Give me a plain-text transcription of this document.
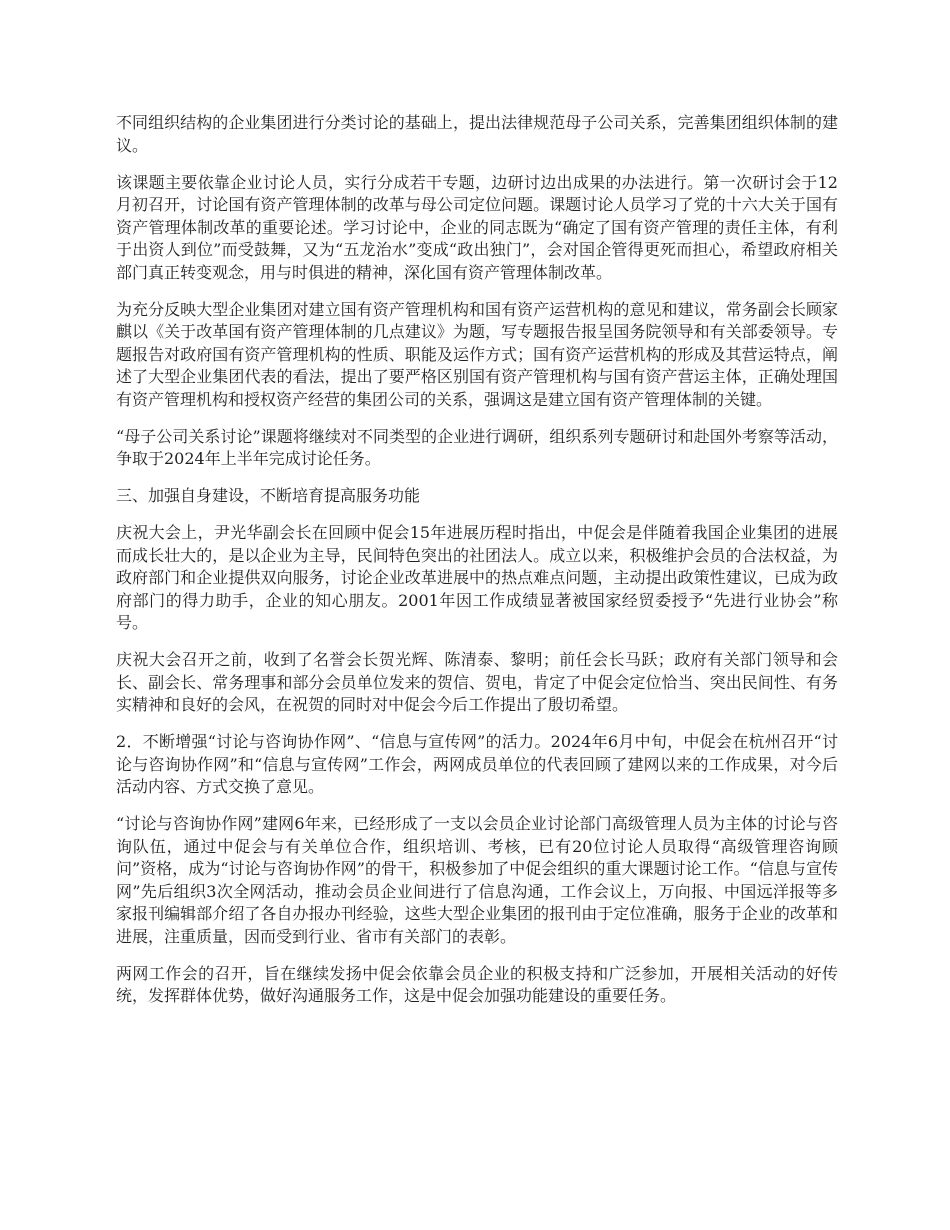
不同组织结构的企业集团进行分类讨论的基础上，提出法律规范母子公司关系，完善集团组织体制的建议。

该课题主要依靠企业讨论人员，实行分成若干专题，边研讨边出成果的办法进行。第一次研讨会于12月初召开，讨论国有资产管理体制的改革与母公司定位问题。课题讨论人员学习了党的十六大关于国有资产管理体制改革的重要论述。学习讨论中，企业的同志既为“确定了国有资产管理的责任主体，有利于出资人到位”而受鼓舞，又为“五龙治水”变成“政出独门”，会对国企管得更死而担心，希望政府相关部门真正转变观念，用与时俱进的精神，深化国有资产管理体制改革。

为充分反映大型企业集团对建立国有资产管理机构和国有资产运营机构的意见和建议，常务副会长顾家麒以《关于改革国有资产管理体制的几点建议》为题，写专题报告报呈国务院领导和有关部委领导。专题报告对政府国有资产管理机构的性质、职能及运作方式；国有资产运营机构的形成及其营运特点，阐述了大型企业集团代表的看法，提出了要严格区别国有资产管理机构与国有资产营运主体，正确处理国有资产管理机构和授权资产经营的集团公司的关系，强调这是建立国有资产管理体制的关键。

“母子公司关系讨论”课题将继续对不同类型的企业进行调研，组织系列专题研讨和赴国外考察等活动，争取于2024年上半年完成讨论任务。

三、加强自身建设，不断培育提高服务功能

庆祝大会上，尹光华副会长在回顾中促会15年进展历程时指出，中促会是伴随着我国企业集团的进展而成长壮大的，是以企业为主导，民间特色突出的社团法人。成立以来，积极维护会员的合法权益，为政府部门和企业提供双向服务，讨论企业改革进展中的热点难点问题，主动提出政策性建议，已成为政府部门的得力助手，企业的知心朋友。2001年因工作成绩显著被国家经贸委授予“先进行业协会”称号。

庆祝大会召开之前，收到了名誉会长贺光辉、陈清泰、黎明；前任会长马跃；政府有关部门领导和会长、副会长、常务理事和部分会员单位发来的贺信、贺电，肯定了中促会定位恰当、突出民间性、有务实精神和良好的会风，在祝贺的同时对中促会今后工作提出了殷切希望。

2．不断增强“讨论与咨询协作网”、“信息与宣传网”的活力。2024年6月中旬，中促会在杭州召开“讨论与咨询协作网”和“信息与宣传网”工作会，两网成员单位的代表回顾了建网以来的工作成果，对今后活动内容、方式交换了意见。

“讨论与咨询协作网”建网6年来，已经形成了一支以会员企业讨论部门高级管理人员为主体的讨论与咨询队伍，通过中促会与有关单位合作，组织培训、考核，已有20位讨论人员取得“高级管理咨询顾问”资格，成为“讨论与咨询协作网”的骨干，积极参加了中促会组织的重大课题讨论工作。“信息与宣传网”先后组织3次全网活动，推动会员企业间进行了信息沟通，工作会议上，万向报、中国远洋报等多家报刊编辑部介绍了各自办报办刊经验，这些大型企业集团的报刊由于定位准确，服务于企业的改革和进展，注重质量，因而受到行业、省市有关部门的表彰。

两网工作会的召开，旨在继续发扬中促会依靠会员企业的积极支持和广泛参加，开展相关活动的好传统，发挥群体优势，做好沟通服务工作，这是中促会加强功能建设的重要任务。
